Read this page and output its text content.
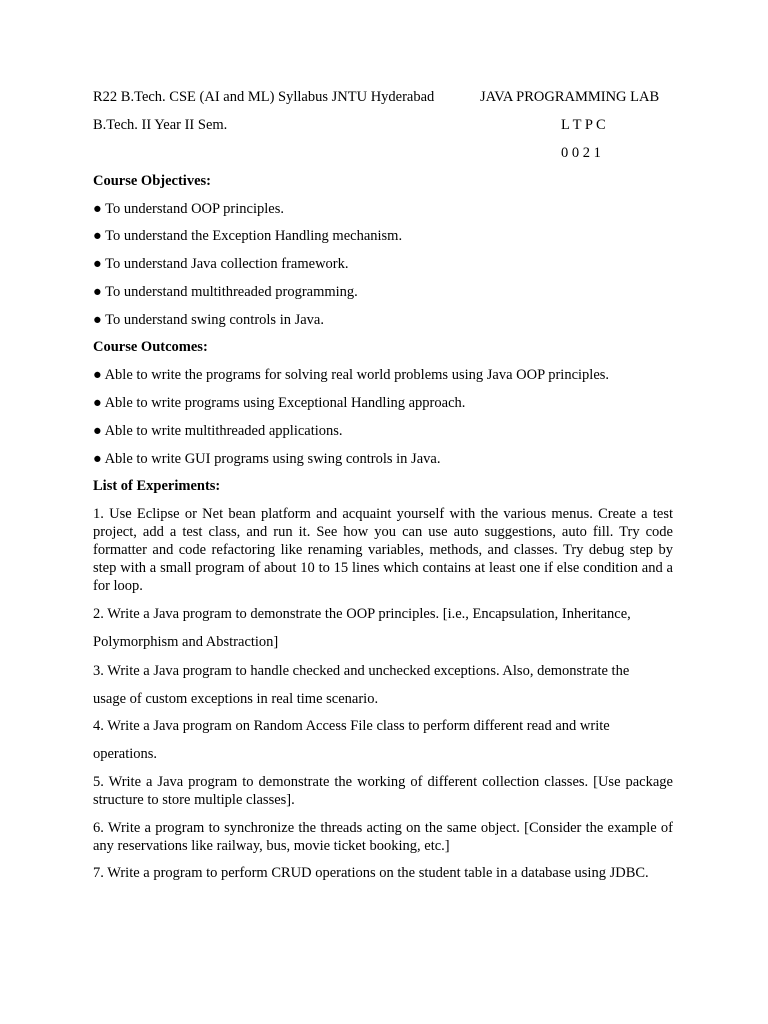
R22 B.Tech. CSE (AI and ML) Syllabus JNTU Hyderabad	JAVA PROGRAMMING LAB
B.Tech. II Year II Sem.	L T P C
0 0 2 1
Course Objectives:
● To understand OOP principles.
● To understand the Exception Handling mechanism.
● To understand Java collection framework.
● To understand multithreaded programming.
● To understand swing controls in Java.
Course Outcomes:
● Able to write the programs for solving real world problems using Java OOP principles.
● Able to write programs using Exceptional Handling approach.
● Able to write multithreaded applications.
● Able to write GUI programs using swing controls in Java.
List of Experiments:
1. Use Eclipse or Net bean platform and acquaint yourself with the various menus. Create a test project, add a test class, and run it. See how you can use auto suggestions, auto fill. Try code formatter and code refactoring like renaming variables, methods, and classes. Try debug step by step with a small program of about 10 to 15 lines which contains at least one if else condition and a for loop.
2. Write a Java program to demonstrate the OOP principles. [i.e., Encapsulation, Inheritance,
Polymorphism and Abstraction]
3. Write a Java program to handle checked and unchecked exceptions. Also, demonstrate the
usage of custom exceptions in real time scenario.
4. Write a Java program on Random Access File class to perform different read and write
operations.
5. Write a Java program to demonstrate the working of different collection classes. [Use package structure to store multiple classes].
6. Write a program to synchronize the threads acting on the same object. [Consider the example of any reservations like railway, bus, movie ticket booking, etc.]
7. Write a program to perform CRUD operations on the student table in a database using JDBC.
